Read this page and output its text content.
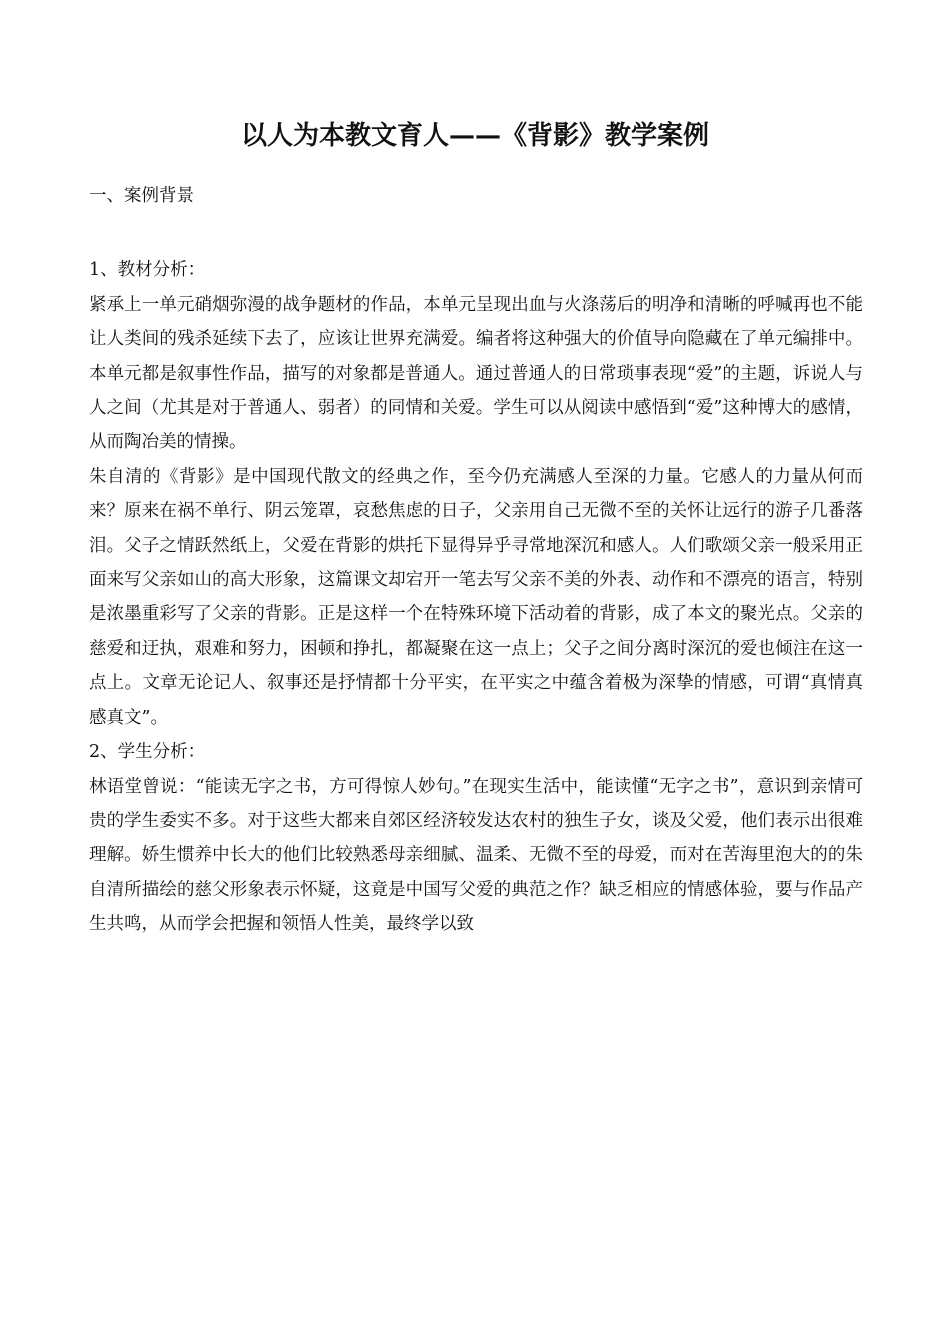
以人为本教文育人——《背影》教学案例

一、案例背景

1、教材分析：

紧承上一单元硝烟弥漫的战争题材的作品，本单元呈现出血与火涤荡后的明净和清晰的呼喊再也不能让人类间的残杀延续下去了，应该让世界充满爱。编者将这种强大的价值导向隐藏在了单元编排中。本单元都是叙事性作品，描写的对象都是普通人。通过普通人的日常琐事表现“爱”的主题，诉说人与人之间（尤其是对于普通人、弱者）的同情和关爱。学生可以从阅读中感悟到“爱”这种博大的感情，从而陶冶美的情操。

朱自清的《背影》是中国现代散文的经典之作，至今仍充满感人至深的力量。它感人的力量从何而来？原来在祸不单行、阴云笼罩，哀愁焦虑的日子，父亲用自己无微不至的关怀让远行的游子几番落泪。父子之情跃然纸上，父爱在背影的烘托下显得异乎寻常地深沉和感人。人们歌颂父亲一般采用正面来写父亲如山的高大形象，这篇课文却宕开一笔去写父亲不美的外表、动作和不漂亮的语言，特别是浓墨重彩写了父亲的背影。正是这样一个在特殊环境下活动着的背影，成了本文的聚光点。父亲的慈爱和迂执，艰难和努力，困顿和挣扎，都凝聚在这一点上；父子之间分离时深沉的爱也倾注在这一点上。文章无论记人、叙事还是抒情都十分平实，在平实之中蕴含着极为深挚的情感，可谓“真情真感真文”。

2、学生分析：

林语堂曾说：“能读无字之书，方可得惊人妙句。”在现实生活中，能读懂“无字之书”，意识到亲情可贵的学生委实不多。对于这些大都来自郊区经济较发达农村的独生子女，谈及父爱，他们表示出很难理解。娇生惯养中长大的他们比较熟悉母亲细腻、温柔、无微不至的母爱，而对在苦海里泡大的的朱自清所描绘的慈父形象表示怀疑，这竟是中国写父爱的典范之作？缺乏相应的情感体验，要与作品产生共鸣，从而学会把握和领悟人性美，最终学以致
